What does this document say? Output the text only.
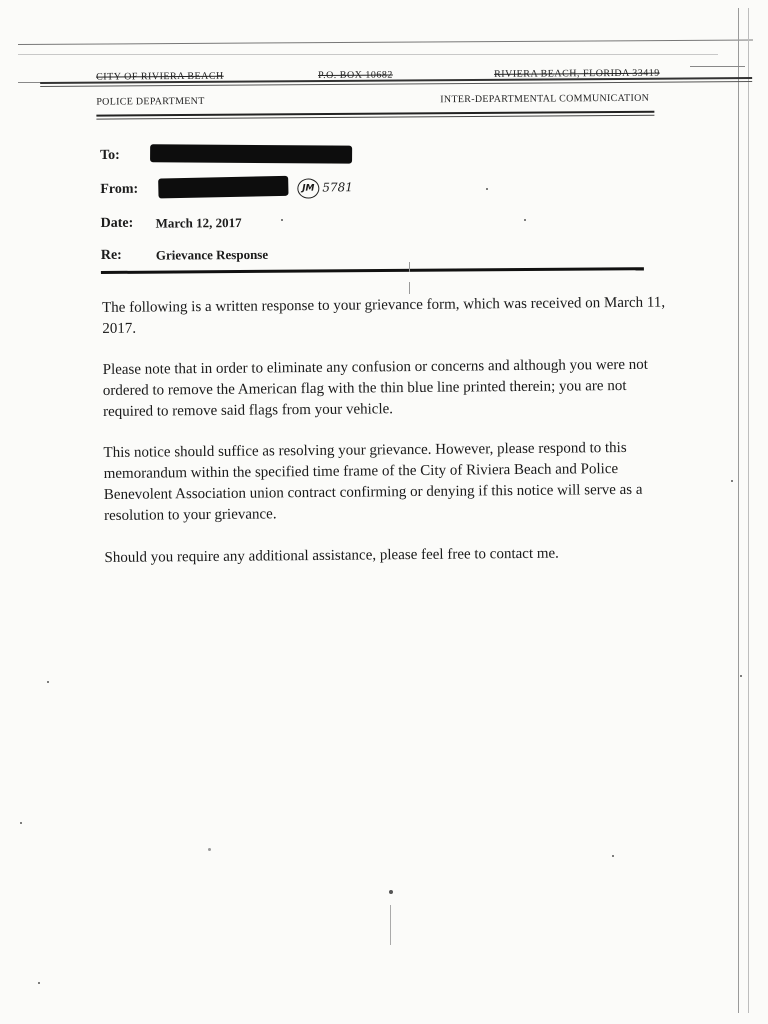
CITY OF RIVIERA BEACH	P.O. BOX 10682	RIVIERA BEACH, FLORIDA 33419
POLICE DEPARTMENT	INTER-DEPARTMENTAL COMMUNICATION
To:
From:	JM 5781
Date: March 12, 2017
Re:	Grievance Response

The following is a written response to your grievance form, which was received on March 11, 2017.

Please note that in order to eliminate any confusion or concerns and although you were not ordered to remove the American flag with the thin blue line printed therein; you are not required to remove said flags from your vehicle.

This notice should suffice as resolving your grievance. However, please respond to this memorandum within the specified time frame of the City of Riviera Beach and Police Benevolent Association union contract confirming or denying if this notice will serve as a resolution to your grievance.

Should you require any additional assistance, please feel free to contact me.
